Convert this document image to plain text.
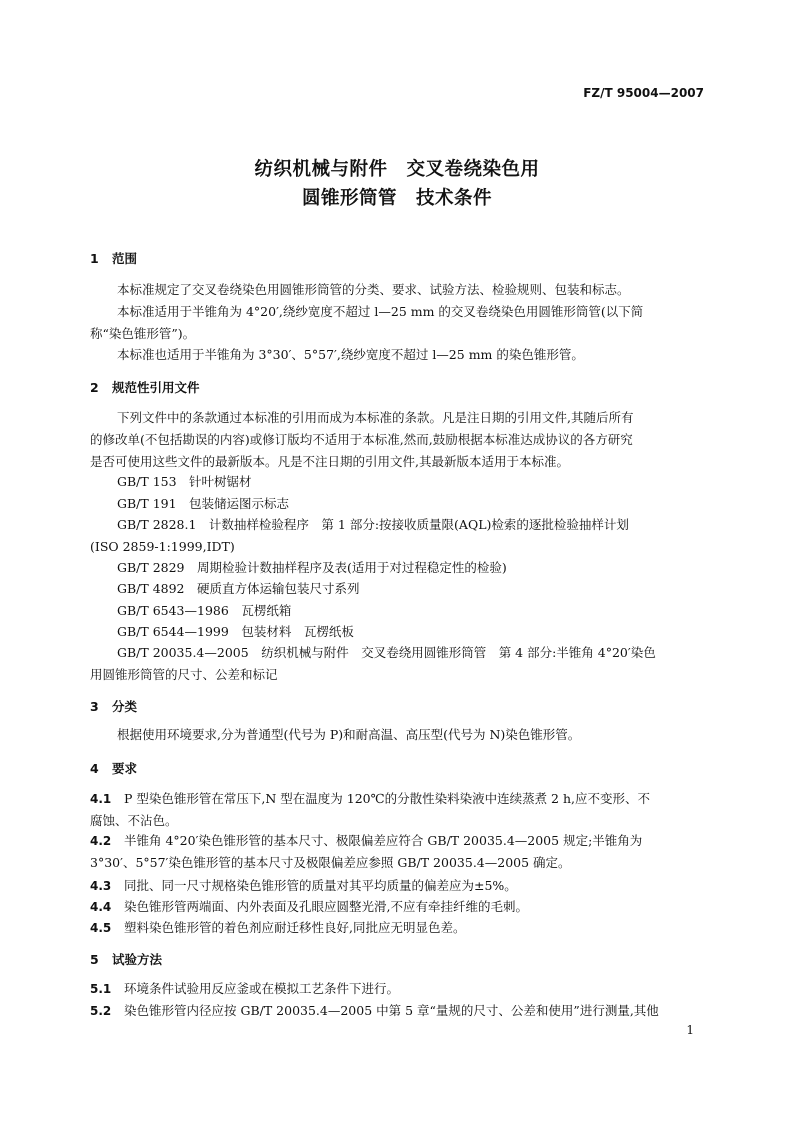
FZ/T 95004—2007
纺织机械与附件　交叉卷绕染色用
圆锥形筒管　技术条件
1 范围
本标准规定了交叉卷绕染色用圆锥形筒管的分类、要求、试验方法、检验规则、包装和标志。
本标准适用于半锥角为 4°20′,绕纱宽度不超过 l—25 mm 的交叉卷绕染色用圆锥形筒管(以下简
称“染色锥形管”)。
本标准也适用于半锥角为 3°30′、5°57′,绕纱宽度不超过 l—25 mm 的染色锥形管。
2 规范性引用文件
下列文件中的条款通过本标准的引用而成为本标准的条款。凡是注日期的引用文件,其随后所有
的修改单(不包括勘误的内容)或修订版均不适用于本标准,然而,鼓励根据本标准达成协议的各方研究
是否可使用这些文件的最新版本。凡是不注日期的引用文件,其最新版本适用于本标准。
GB/T 153　针叶树锯材
GB/T 191　包装储运图示标志
GB/T 2828.1　计数抽样检验程序　第 1 部分:按接收质量限(AQL)检索的逐批检验抽样计划
(ISO 2859-1:1999,IDT)
GB/T 2829　周期检验计数抽样程序及表(适用于对过程稳定性的检验)
GB/T 4892　硬质直方体运输包装尺寸系列
GB/T 6543—1986　瓦楞纸箱
GB/T 6544—1999　包装材料　瓦楞纸板
GB/T 20035.4—2005　纺织机械与附件　交叉卷绕用圆锥形筒管　第 4 部分:半锥角 4°20′染色
用圆锥形筒管的尺寸、公差和标记
3 分类
根据使用环境要求,分为普通型(代号为 P)和耐高温、高压型(代号为 N)染色锥形管。
4 要求
4.1 P 型染色锥形管在常压下,N 型在温度为 120℃的分散性染料染液中连续蒸煮 2 h,应不变形、不
腐蚀、不沾色。
4.2 半锥角 4°20′染色锥形管的基本尺寸、极限偏差应符合 GB/T 20035.4—2005 规定;半锥角为
3°30′、5°57′染色锥形管的基本尺寸及极限偏差应参照 GB/T 20035.4—2005 确定。
4.3 同批、同一尺寸规格染色锥形管的质量对其平均质量的偏差应为±5%。
4.4 染色锥形管两端面、内外表面及孔眼应圆整光滑,不应有牵挂纤维的毛刺。
4.5 塑料染色锥形管的着色剂应耐迁移性良好,同批应无明显色差。
5 试验方法
5.1 环境条件试验用反应釜或在模拟工艺条件下进行。
5.2 染色锥形管内径应按 GB/T 20035.4—2005 中第 5 章“量规的尺寸、公差和使用”进行测量,其他
1
